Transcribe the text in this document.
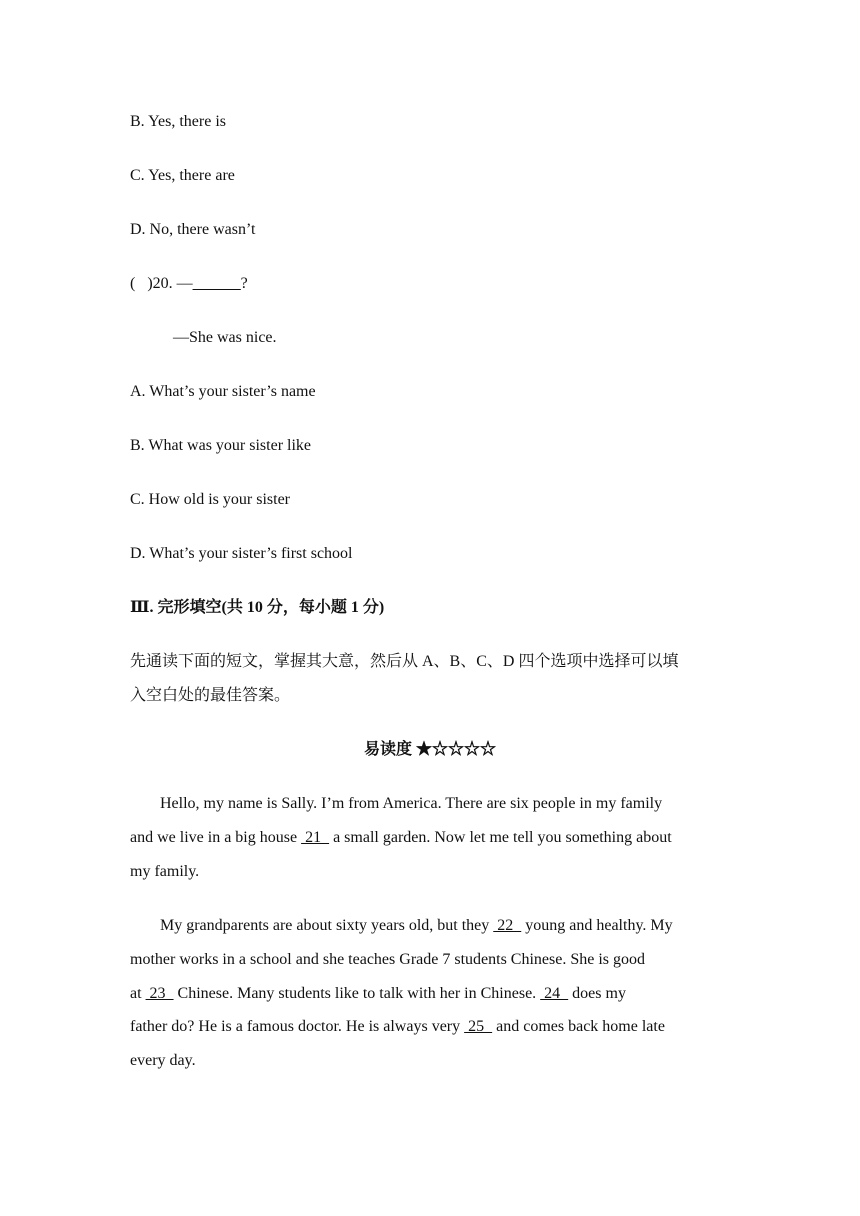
B. Yes, there is
C. Yes, there are
D. No, there wasn’t
(   )20. —______?
—She was nice.
A. What’s your sister’s name
B. What was your sister like
C. How old is your sister
D. What’s your sister’s first school
Ⅲ. 完形填空(共 10 分，每小题 1 分)
先通读下面的短文，掌握其大意，然后从 A、B、C、D 四个选项中选择可以填
入空白处的最佳答案。
易读度 ★☆☆☆☆
Hello, my name is Sally. I’m from America. There are six people in my family
and we live in a big house  21   a small garden. Now let me tell you something about
my family.
My grandparents are about sixty years old, but they  22   young and healthy. My
mother works in a school and she teaches Grade 7 students Chinese. She is good
at  23   Chinese. Many students like to talk with her in Chinese.  24   does my
father do? He is a famous doctor. He is always very  25   and comes back home late
every day.
